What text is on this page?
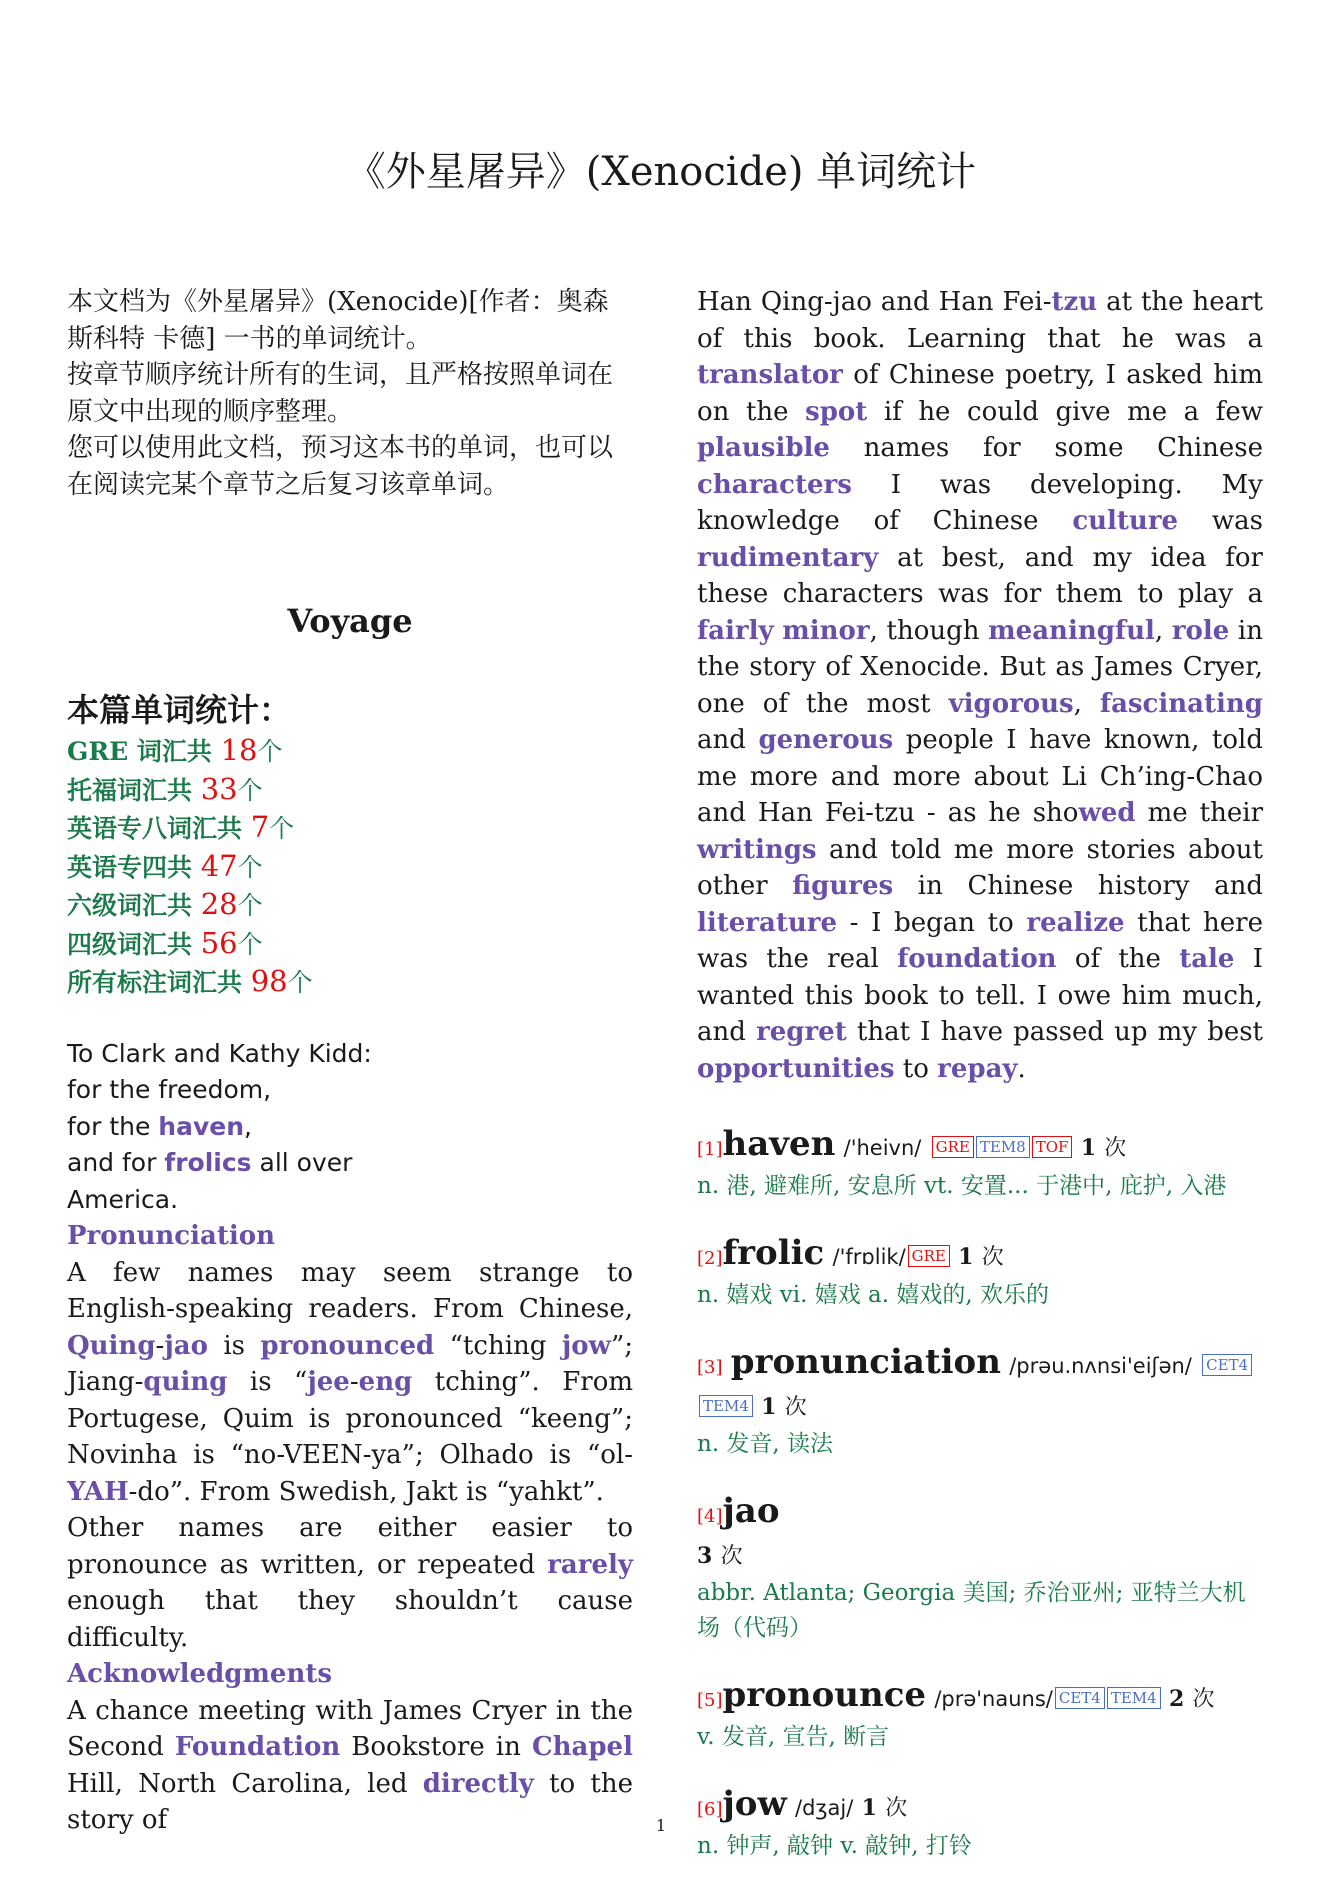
《外星屠异》(Xenocide) 单词统计

本文档为《外星屠异》(Xenocide)[作者：奥森斯科特 卡德] 一书的单词统计。

按章节顺序统计所有的生词，且严格按照单词在原文中出现的顺序整理。

您可以使用此文档，预习这本书的单词，也可以在阅读完某个章节之后复习该章单词。

Voyage
本篇单词统计：
GRE 词汇共 18个
托福词汇共 33个
英语专八词汇共 7个
英语专四共 47个
六级词汇共 28个
四级词汇共 56个
所有标注词汇共 98个

To Clark and Kathy Kidd:

for the freedom,

for the haven,

and for frolics all over

America.

Pronunciation

A few names may seem strange to English-speaking readers. From Chinese, Quing-jao is pronounced “tching jow”; Jiang-quing is “jee-eng tching”. From Portugese, Quim is pronounced “keeng”; Novinha is “no-VEEN-ya”; Olhado is “ol-YAH-do”. From Swedish, Jakt is “yahkt”.

Other names are either easier to pronounce as written, or repeated rarely enough that they shouldn’t cause difficulty.

Acknowledgments

A chance meeting with James Cryer in the Second Foundation Bookstore in Chapel Hill, North Carolina, led directly to the story of

Han Qing-jao and Han Fei-tzu at the heart of this book. Learning that he was a translator of Chinese poetry, I asked him on the spot if he could give me a few plausible names for some Chinese characters I was developing. My knowledge of Chinese culture was rudimentary at best, and my idea for these characters was for them to play a fairly minor, though meaningful, role in the story of Xenocide. But as James Cryer, one of the most vigorous, fascinating and generous people I have known, told me more and more about Li Ch’ing-Chao and Han Fei-tzu - as he showed me their writings and told me more stories about other figures in Chinese history and literature - I began to realize that here was the real foundation of the tale I wanted this book to tell. I owe him much, and regret that I have passed up my best opportunities to repay.

[1]haven /'heivn/ GRE TEM8 TOF 1 次
n. 港, 避难所, 安息所 vt. 安置... 于港中, 庇护, 入港
[2]frolic /'frɒlik/ GRE 1 次
n. 嬉戏 vi. 嬉戏 a. 嬉戏的, 欢乐的
[3] pronunciation /prəu.nʌnsi'eiʃən/ CET4 TEM4 1 次
n. 发音, 读法
[4]jao
3 次
abbr. Atlanta; Georgia 美国; 乔治亚州; 亚特兰大机场（代码）
[5]pronounce /prə'nauns/ CET4 TEM4 2 次
v. 发音, 宣告, 断言
[6]jow /dʒaj/ 1 次
n. 钟声, 敲钟 v. 敲钟, 打铃
1
